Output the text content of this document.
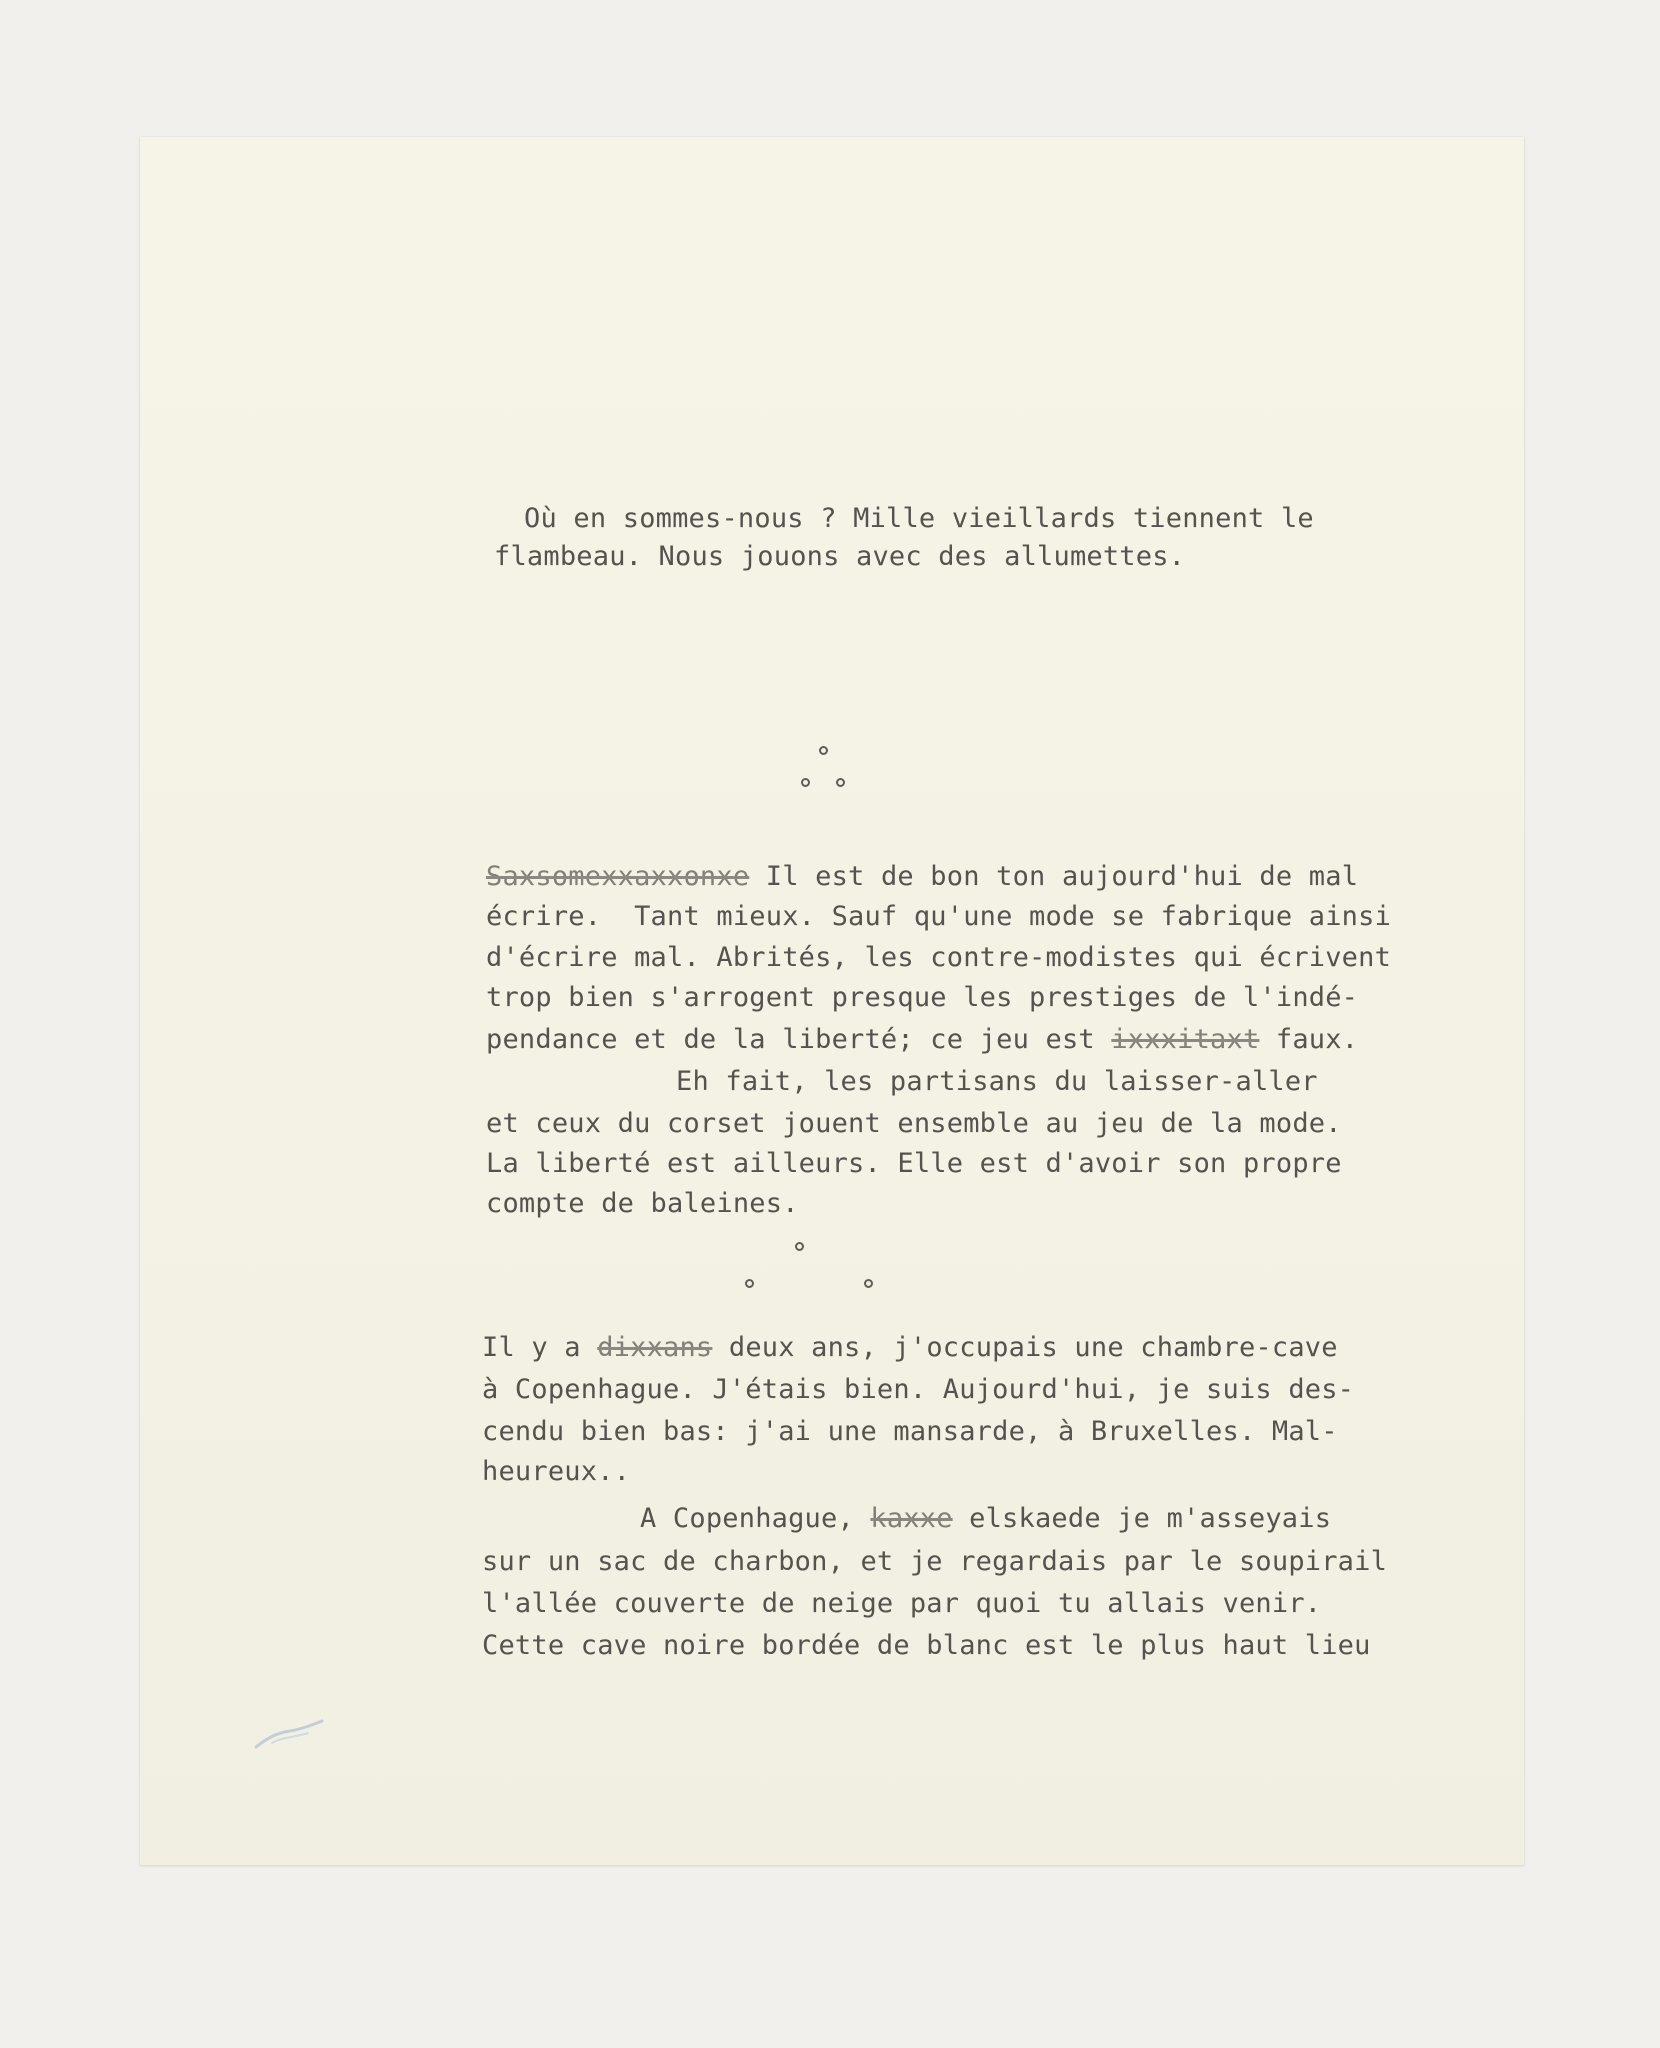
Où en sommes-nous ? Mille vieillards tiennent le
flambeau. Nous jouons avec des allumettes.
Saxsomexxaxxonxe Il est de bon ton aujourd'hui de mal
écrire.  Tant mieux. Sauf qu'une mode se fabrique ainsi
d'écrire mal. Abrités, les contre-modistes qui écrivent
trop bien s'arrogent presque les prestiges de l'indé-
pendance et de la liberté; ce jeu est ixxxitaxt faux.
Eh fait, les partisans du laisser-aller
et ceux du corset jouent ensemble au jeu de la mode.
La liberté est ailleurs. Elle est d'avoir son propre
compte de baleines.
Il y a dixxans deux ans, j'occupais une chambre-cave
à Copenhague. J'étais bien. Aujourd'hui, je suis des-
cendu bien bas: j'ai une mansarde, à Bruxelles. Mal-
heureux..
A Copenhague, kaxxe elskaede je m'asseyais
sur un sac de charbon, et je regardais par le soupirail
l'allée couverte de neige par quoi tu allais venir.
Cette cave noire bordée de blanc est le plus haut lieu
